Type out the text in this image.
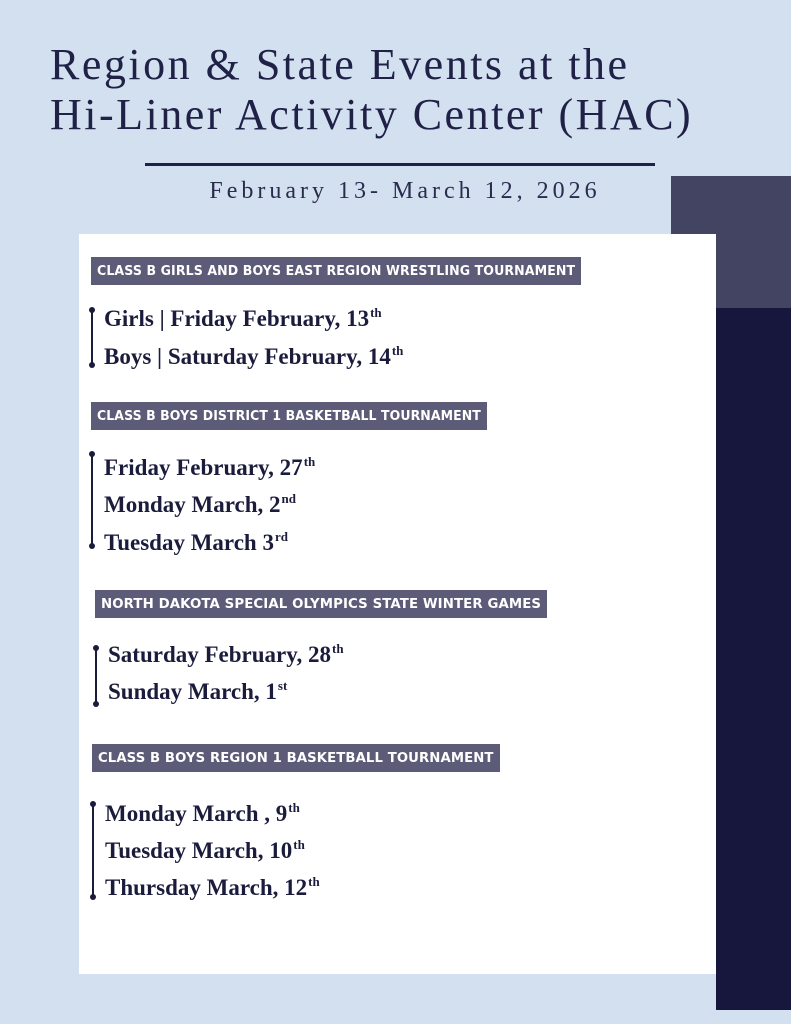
Region & State Events at the
Hi-Liner Activity Center (HAC)
February 13- March 12, 2026
CLASS B GIRLS AND BOYS EAST REGION WRESTLING TOURNAMENT
Girls | Friday February, 13th
Boys | Saturday February, 14th
CLASS B BOYS DISTRICT 1 BASKETBALL TOURNAMENT
Friday February, 27th
Monday March, 2nd
Tuesday March 3rd
NORTH DAKOTA SPECIAL OLYMPICS STATE WINTER GAMES
Saturday February, 28th
Sunday March, 1st
CLASS B BOYS REGION 1 BASKETBALL TOURNAMENT
Monday March , 9th
Tuesday March, 10th
Thursday March, 12th
